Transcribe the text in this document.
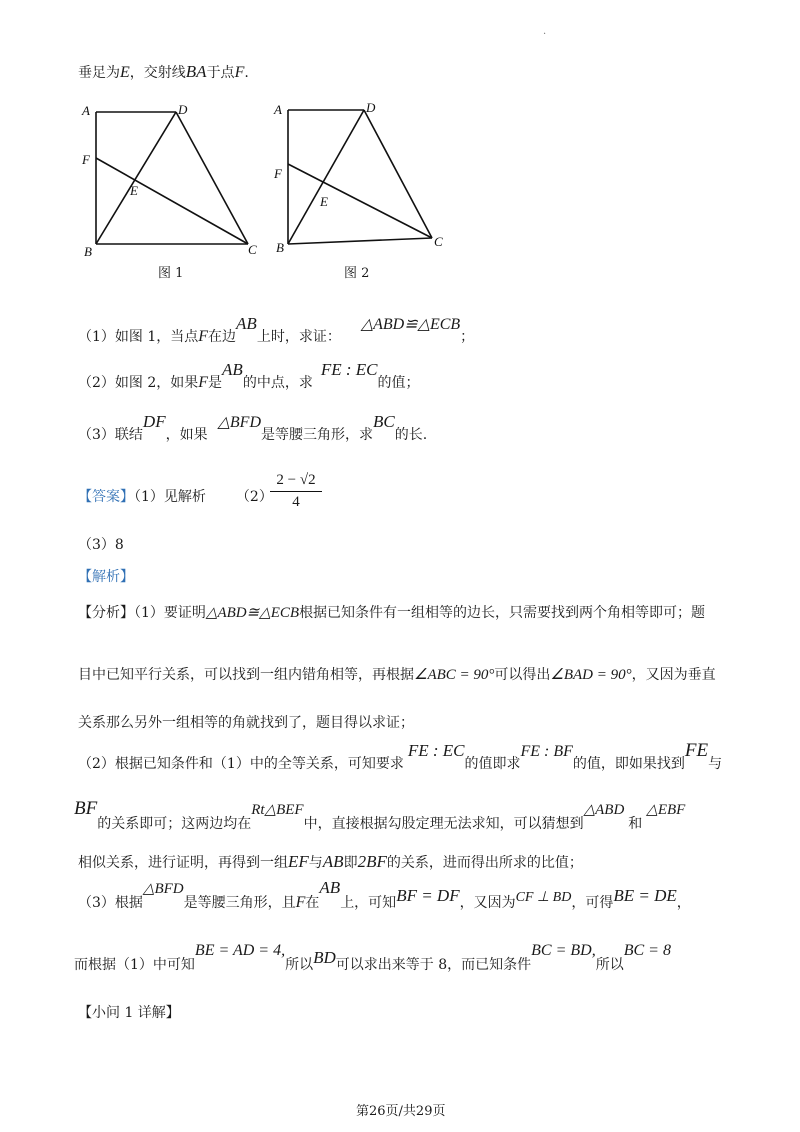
.
垂足为E，交射线BA于点F.
A	D
F
E
B	C
图 1
A	D
F
E
B	C
图 2
（1）如图 1，当点F在边AB上时，求证：△ABD≌△ECB；
（2）如图 2，如果F是AB的中点，求FE : EC的值；
（3）联结DF，如果△BFD是等腰三角形，求BC的长.
【答案】（1）见解析 （2）
2 − √2
4
（3）8
【解析】
【分析】（1）要证明△ABD≅△ECB根据已知条件有一组相等的边长，只需要找到两个角相等即可；题
目中已知平行关系，可以找到一组内错角相等，再根据∠ABC = 90°可以得出∠BAD = 90°，又因为垂直
关系那么另外一组相等的角就找到了，题目得以求证；
（2）根据已知条件和（1）中的全等关系，可知要求FE : EC的值即求FE : BF的值，即如果找到FE与
BF的关系即可；这两边均在Rt△BEF中，直接根据勾股定理无法求知，可以猜想到△ABD和△EBF
相似关系，进行证明，再得到一组EF与AB即2BF的关系，进而得出所求的比值；
（3）根据△BFD是等腰三角形，且F在AB上，可知BF = DF，又因为CF ⊥ BD，可得BE = DE，
而根据（1）中可知BE = AD = 4,所以BD可以求出来等于 8，而已知条件BC = BD,所以BC = 8
【小问 1 详解】
第26页/共29页
